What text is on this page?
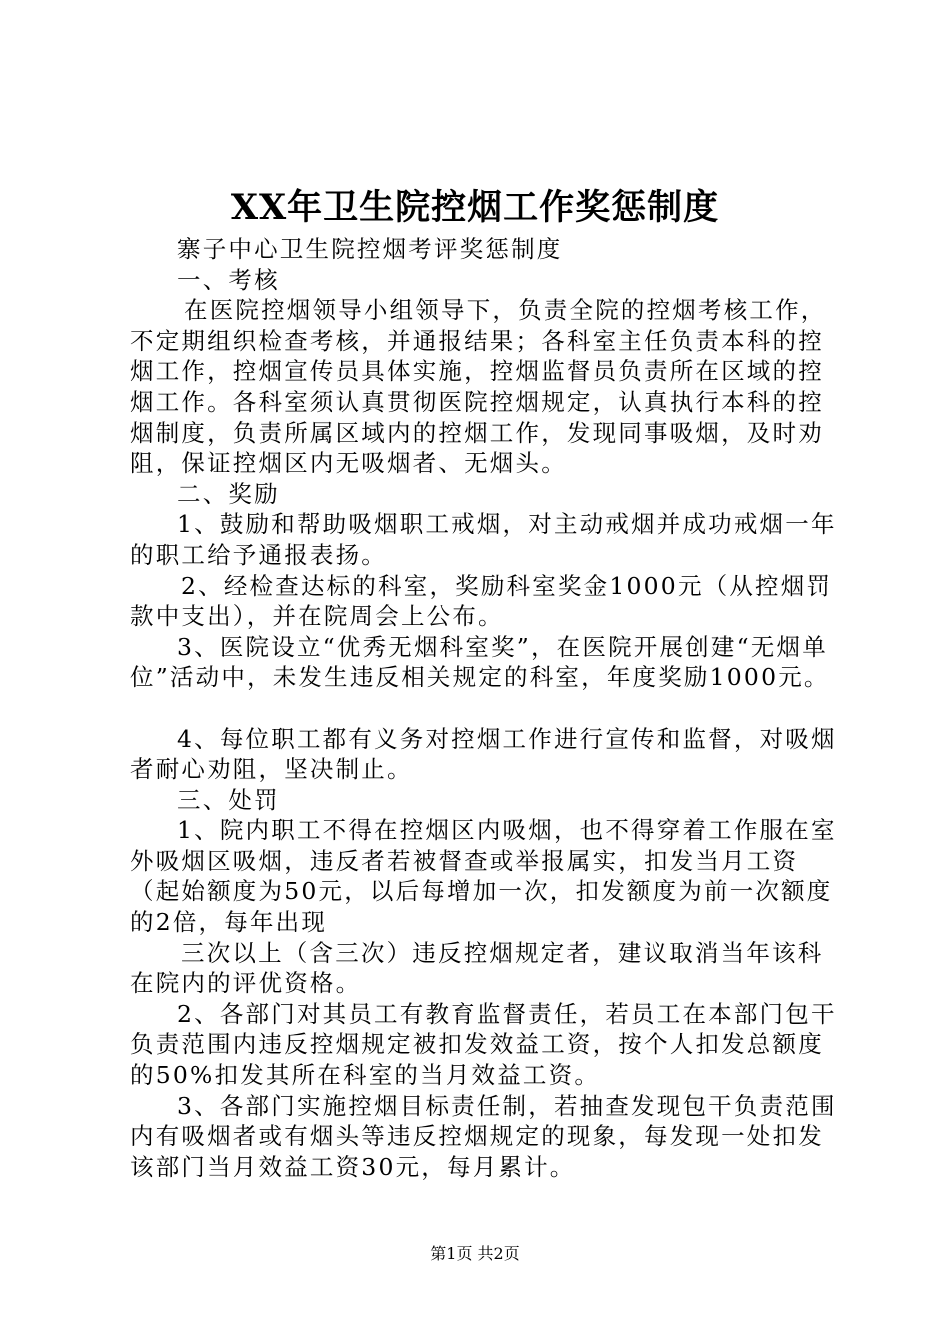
XX年卫生院控烟工作奖惩制度

寨子中心卫生院控烟考评奖惩制度

一、考核

在医院控烟领导小组领导下，负责全院的控烟考核工作，不定期组织检查考核，并通报结果；各科室主任负责本科的控烟工作，控烟宣传员具体实施，控烟监督员负责所在区域的控烟工作。各科室须认真贯彻医院控烟规定，认真执行本科的控烟制度，负责所属区域内的控烟工作，发现同事吸烟，及时劝阻，保证控烟区内无吸烟者、无烟头。

二、奖励

1、鼓励和帮助吸烟职工戒烟，对主动戒烟并成功戒烟一年的职工给予通报表扬。

2、经检查达标的科室，奖励科室奖金1000元（从控烟罚款中支出），并在院周会上公布。

3、医院设立“优秀无烟科室奖”，在医院开展创建“无烟单位”活动中，未发生违反相关规定的科室，年度奖励1000元。

4、每位职工都有义务对控烟工作进行宣传和监督，对吸烟者耐心劝阻，坚决制止。

三、处罚

1、院内职工不得在控烟区内吸烟，也不得穿着工作服在室外吸烟区吸烟，违反者若被督查或举报属实，扣发当月工资（起始额度为50元，以后每增加一次，扣发额度为前一次额度的2倍，每年出现

三次以上（含三次）违反控烟规定者，建议取消当年该科在院内的评优资格。

2、各部门对其员工有教育监督责任，若员工在本部门包干负责范围内违反控烟规定被扣发效益工资，按个人扣发总额度的50%扣发其所在科室的当月效益工资。

3、各部门实施控烟目标责任制，若抽查发现包干负责范围内有吸烟者或有烟头等违反控烟规定的现象，每发现一处扣发该部门当月效益工资30元，每月累计。

第1页 共2页
